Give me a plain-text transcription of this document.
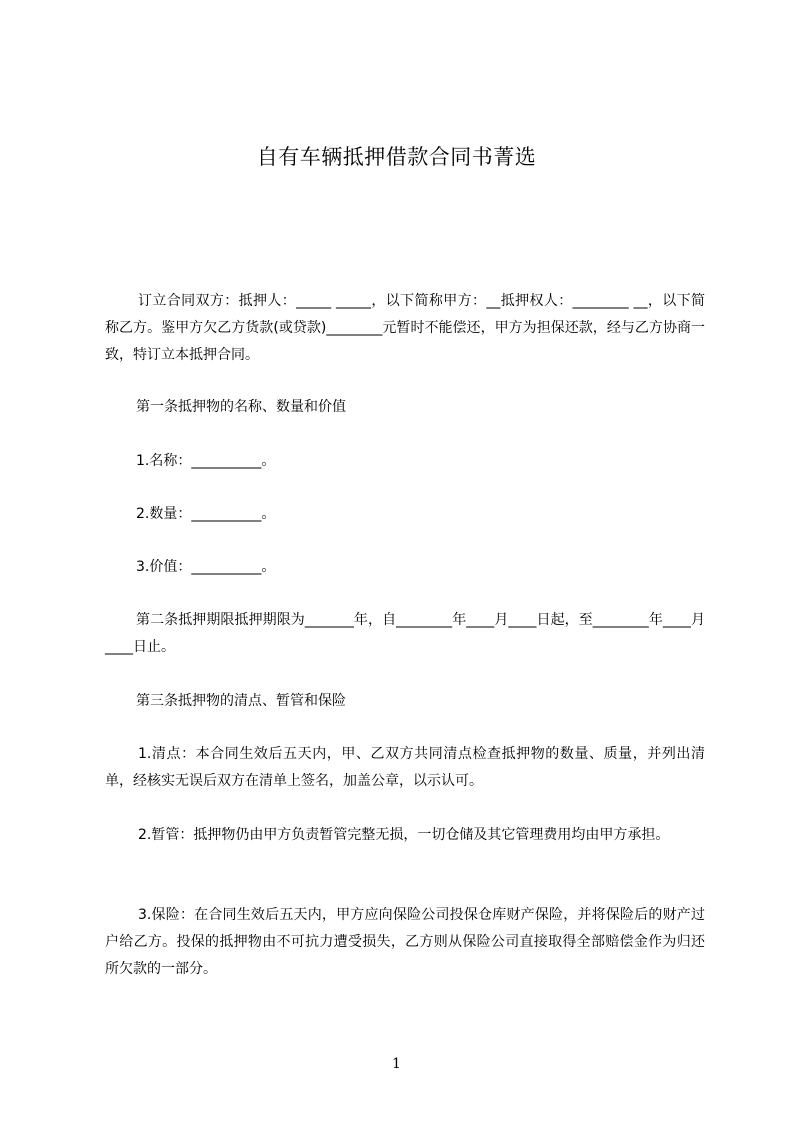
自有车辆抵押借款合同书菁选
订立合同双方：抵押人：_____ _____，以下简称甲方：__抵押权人：________ __，以下简称乙方。鉴甲方欠乙方货款(或贷款)________元暂时不能偿还，甲方为担保还款，经与乙方协商一致，特订立本抵押合同。
第一条抵押物的名称、数量和价值
1.名称：__________。
2.数量：__________。
3.价值：__________。
第二条抵押期限抵押期限为_______年，自________年____月____日起，至________年____月____日止。
第三条抵押物的清点、暂管和保险
1.清点：本合同生效后五天内，甲、乙双方共同清点检查抵押物的数量、质量，并列出清单，经核实无误后双方在清单上签名，加盖公章，以示认可。
2.暂管：抵押物仍由甲方负责暂管完整无损，一切仓储及其它管理费用均由甲方承担。
3.保险：在合同生效后五天内，甲方应向保险公司投保仓库财产保险，并将保险后的财产过户给乙方。投保的抵押物由不可抗力遭受损失，乙方则从保险公司直接取得全部赔偿金作为归还所欠款的一部分。
1
